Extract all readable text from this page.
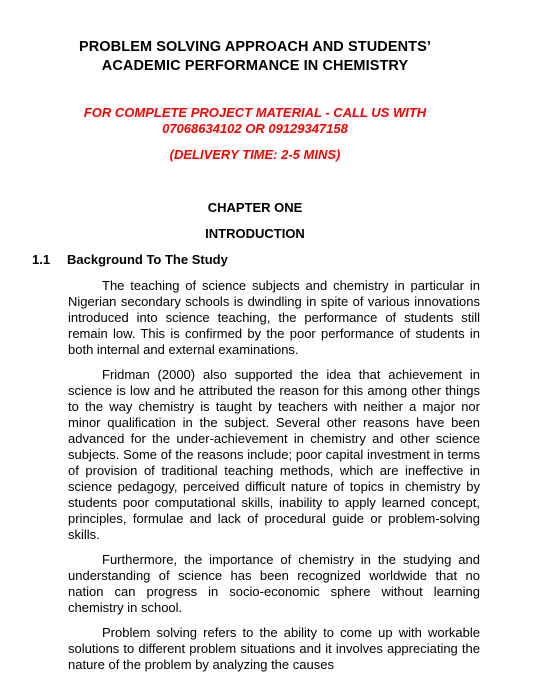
PROBLEM SOLVING APPROACH AND STUDENTS’
ACADEMIC PERFORMANCE IN CHEMISTRY
FOR COMPLETE PROJECT MATERIAL - CALL US WITH
07068634102 OR 09129347158
(DELIVERY TIME: 2-5 MINS)
CHAPTER ONE
INTRODUCTION
1.1 Background To The Study

The teaching of science subjects and chemistry in particular in Nigerian secondary schools is dwindling in spite of various innovations introduced into science teaching, the performance of students still remain low. This is confirmed by the poor performance of students in both internal and external examinations.

Fridman (2000) also supported the idea that achievement in science is low and he attributed the reason for this among other things to the way chemistry is taught by teachers with neither a major nor minor qualification in the subject. Several other reasons have been advanced for the under-achievement in chemistry and other science subjects. Some of the reasons include; poor capital investment in terms of provision of traditional teaching methods, which are ineffective in science pedagogy, perceived difficult nature of topics in chemistry by students poor computational skills, inability to apply learned concept, principles, formulae and lack of procedural guide or problem-solving skills.

Furthermore, the importance of chemistry in the studying and understanding of science has been recognized worldwide that no nation can progress in socio-economic sphere without learning chemistry in school.

Problem solving refers to the ability to come up with workable solutions to different problem situations and it involves appreciating the nature of the problem by analyzing the causes
